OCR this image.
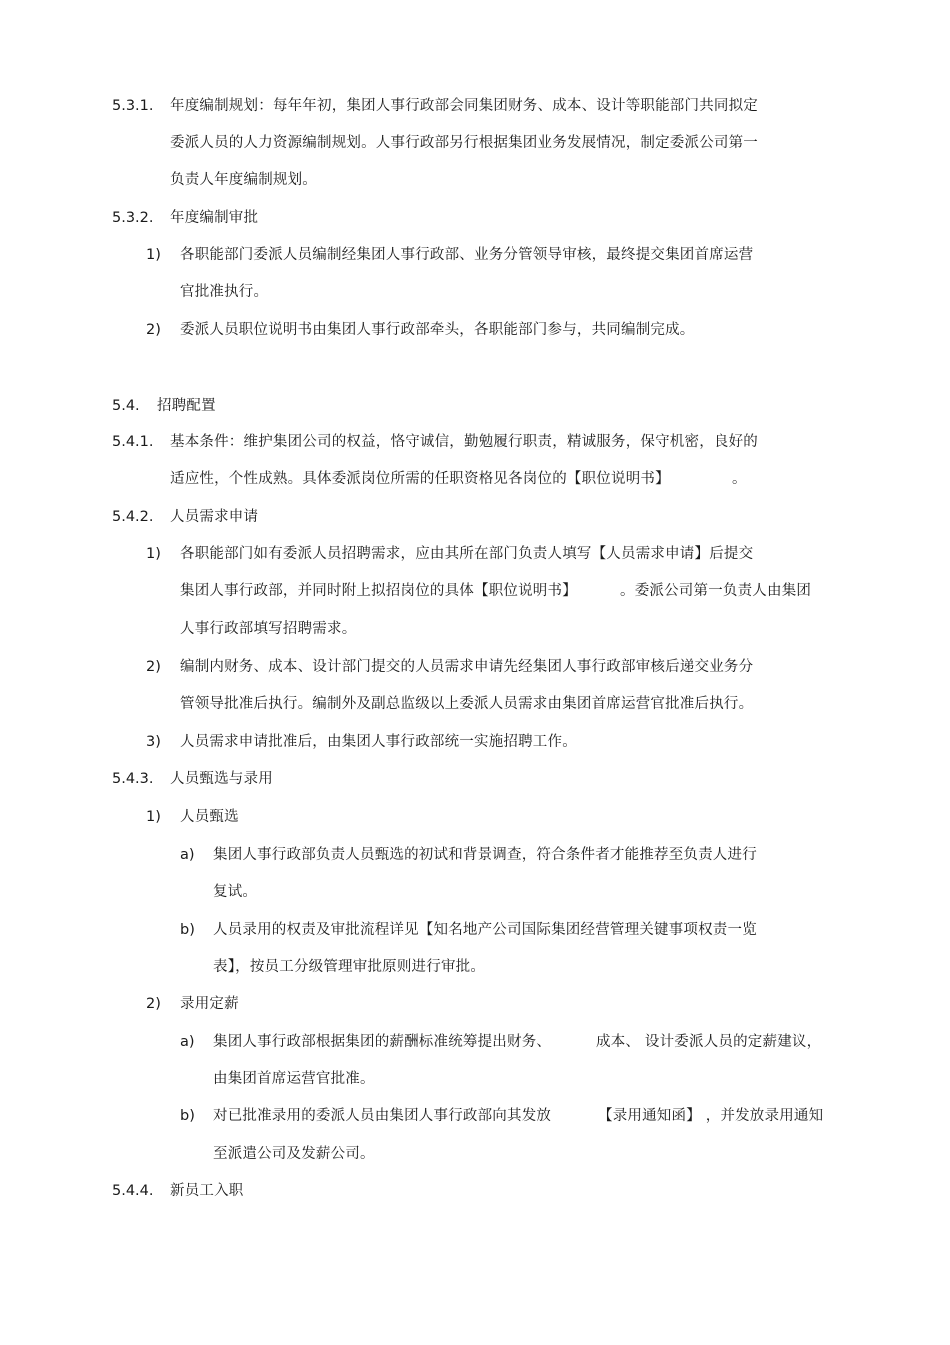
5.3.1. 年度编制规划：每年年初，集团人事行政部会同集团财务、成本、设计等职能部门共同拟定
委派人员的人力资源编制规划。人事行政部另行根据集团业务发展情况，制定委派公司第一
负责人年度编制规划。
5.3.2. 年度编制审批
1) 各职能部门委派人员编制经集团人事行政部、业务分管领导审核，最终提交集团首席运营
官批准执行。
2) 委派人员职位说明书由集团人事行政部牵头，各职能部门参与，共同编制完成。
5.4. 招聘配置
5.4.1. 基本条件：维护集团公司的权益，恪守诚信，勤勉履行职责，精诚服务，保守机密，良好的
适应性，个性成熟。具体委派岗位所需的任职资格见各岗位的【职位说明书】	。
5.4.2. 人员需求申请
1) 各职能部门如有委派人员招聘需求，应由其所在部门负责人填写【人员需求申请】后提交
集团人事行政部，并同时附上拟招岗位的具体【职位说明书】	。委派公司第一负责人由集团
人事行政部填写招聘需求。
2) 编制内财务、成本、设计部门提交的人员需求申请先经集团人事行政部审核后递交业务分
管领导批准后执行。编制外及副总监级以上委派人员需求由集团首席运营官批准后执行。
3) 人员需求申请批准后，由集团人事行政部统一实施招聘工作。
5.4.3. 人员甄选与录用
1) 人员甄选
a) 集团人事行政部负责人员甄选的初试和背景调查，符合条件者才能推荐至负责人进行
复试。
b) 人员录用的权责及审批流程详见【知名地产公司国际集团经营管理关键事项权责一览
表】，按员工分级管理审批原则进行审批。
2) 录用定薪
a) 集团人事行政部根据集团的薪酬标准统筹提出财务、	成本、 设计委派人员的定薪建议，
由集团首席运营官批准。
b) 对已批准录用的委派人员由集团人事行政部向其发放	【录用通知函】 ，并发放录用通知
至派遣公司及发薪公司。
5.4.4. 新员工入职
